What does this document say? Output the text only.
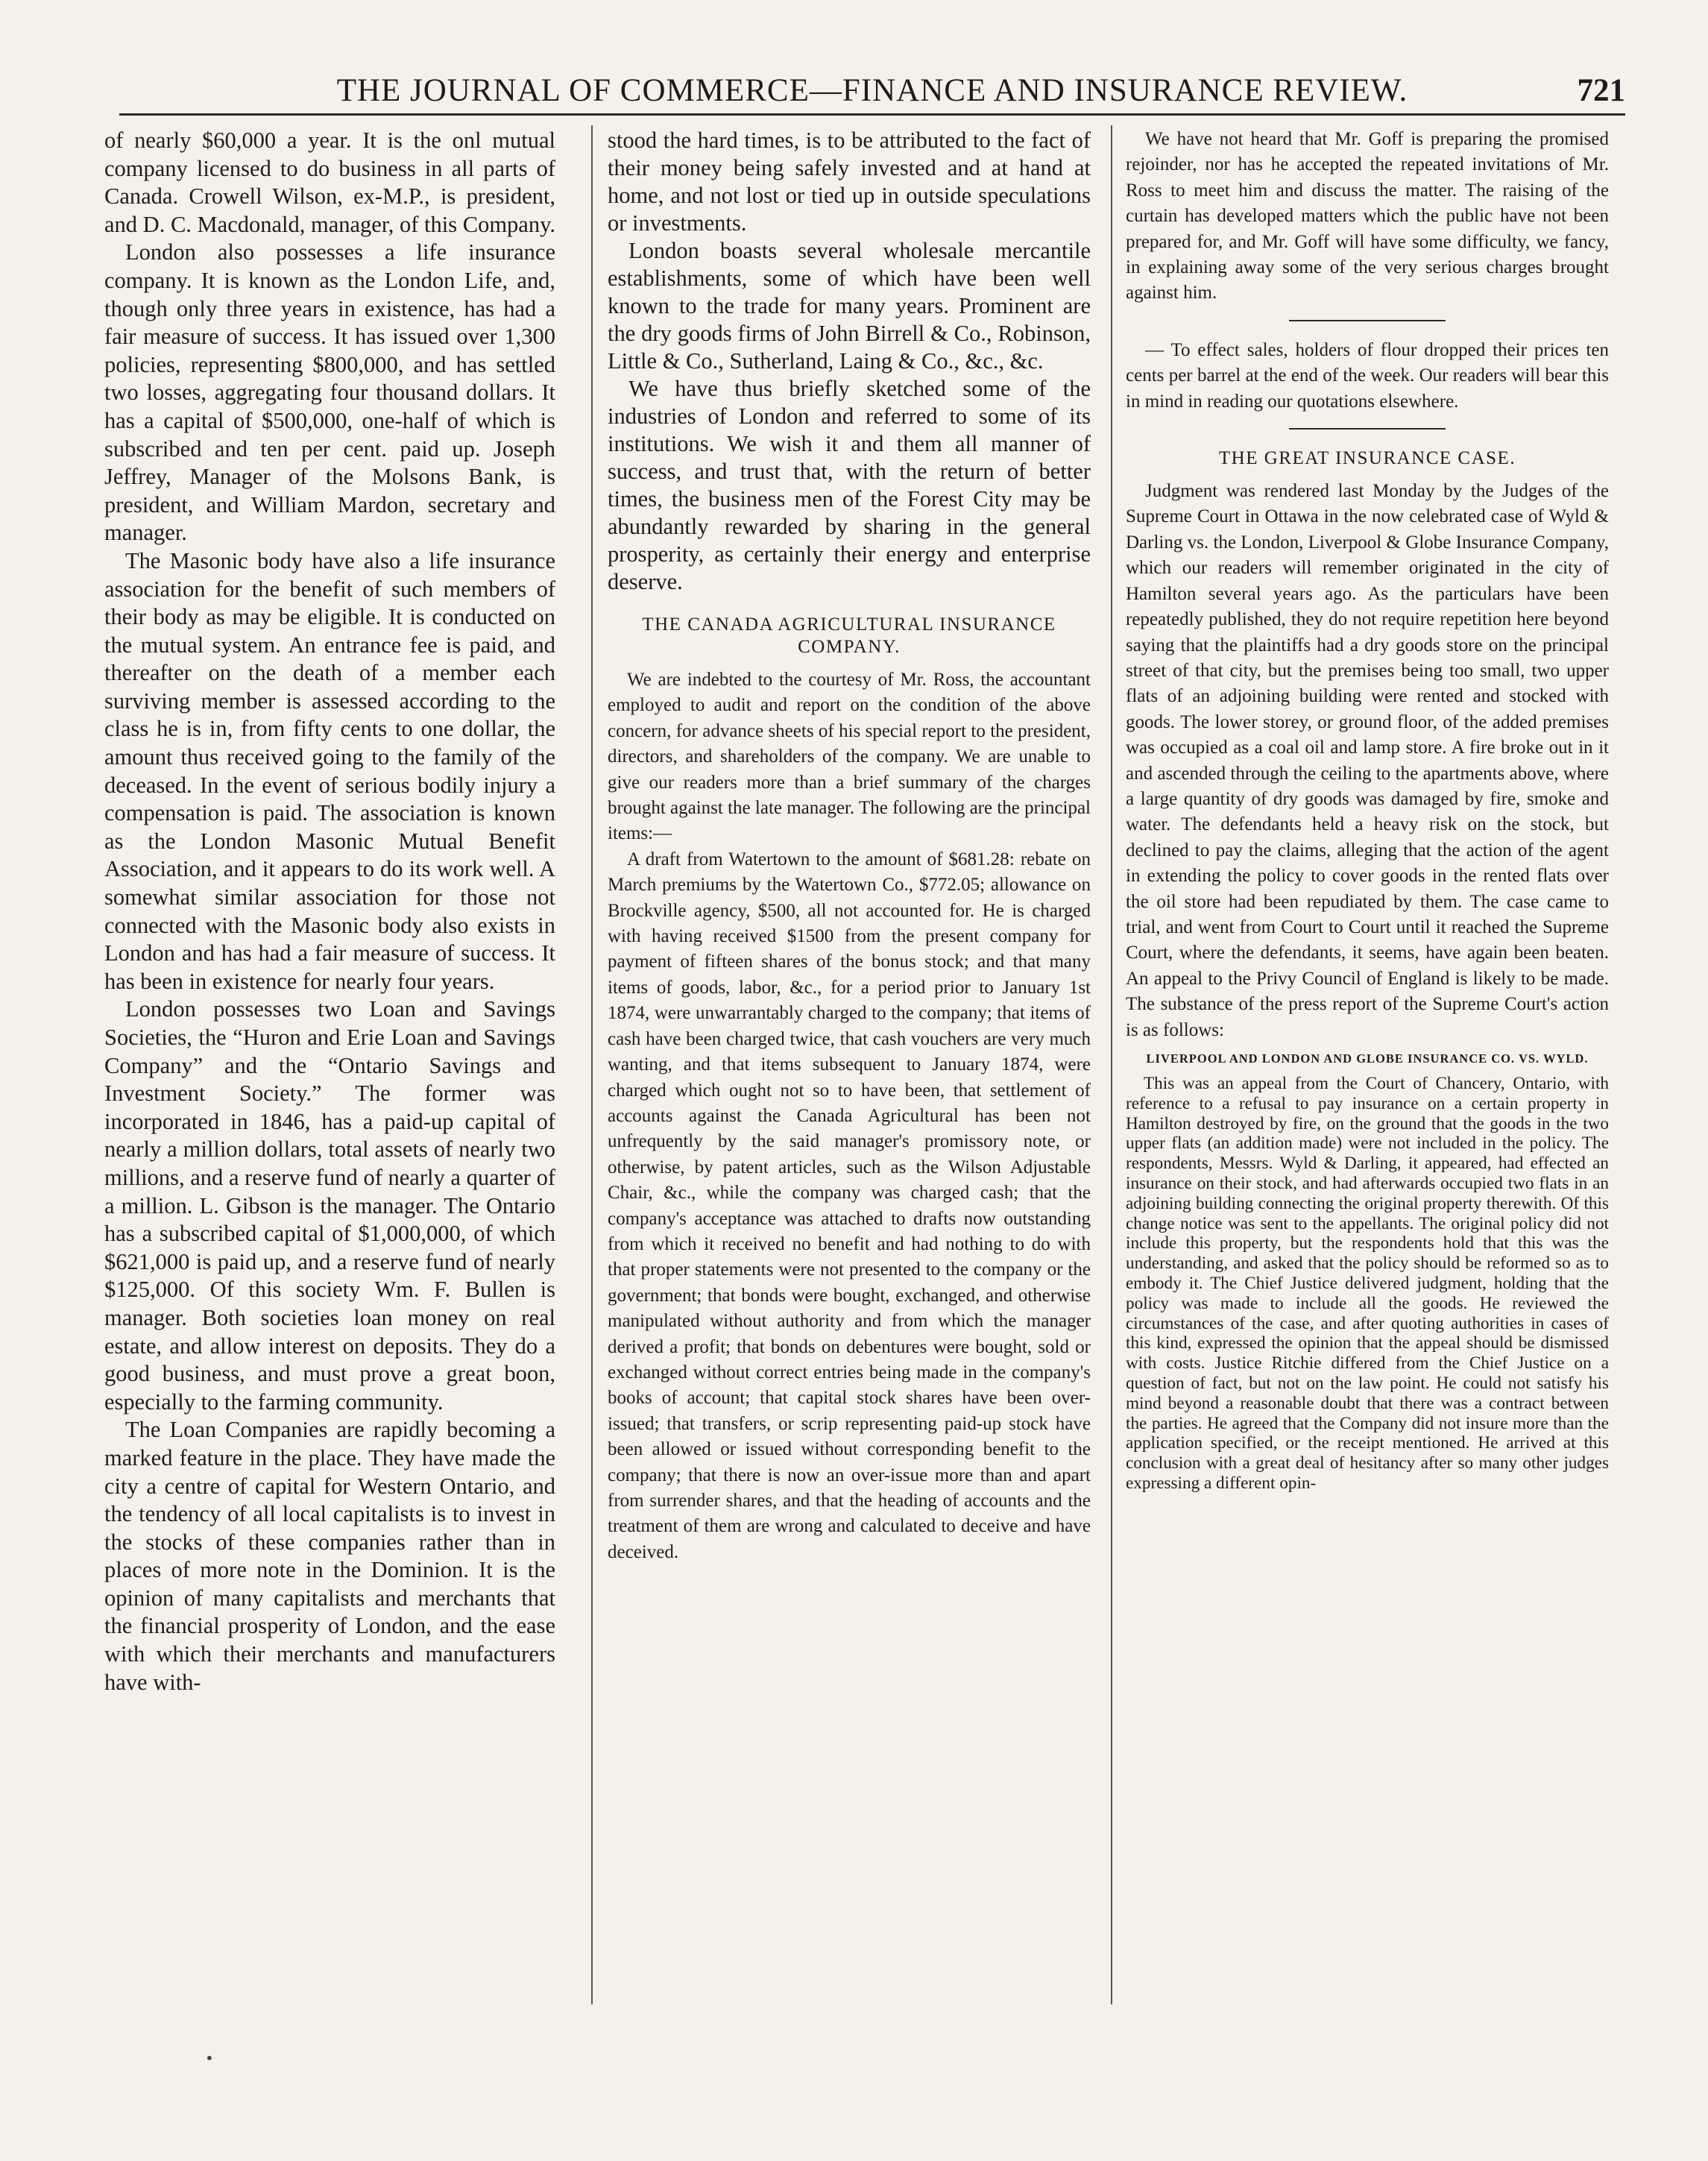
THE JOURNAL OF COMMERCE—FINANCE AND INSURANCE REVIEW.	721

of nearly $60,000 a year. It is the onl mutual company licensed to do business in all parts of Canada. Crowell Wilson, ex-M.P., is president, and D. C. Macdonald, manager, of this Company.

London also possesses a life insurance company. It is known as the London Life, and, though only three years in existence, has had a fair measure of success. It has issued over 1,300 policies, representing $800,000, and has settled two losses, aggregating four thousand dollars. It has a capital of $500,000, one-half of which is subscribed and ten per cent. paid up. Joseph Jeffrey, Manager of the Molsons Bank, is president, and William Mardon, secretary and manager.

The Masonic body have also a life insurance association for the benefit of such members of their body as may be eligible. It is conducted on the mutual system. An entrance fee is paid, and thereafter on the death of a member each surviving member is assessed according to the class he is in, from fifty cents to one dollar, the amount thus received going to the family of the deceased. In the event of serious bodily injury a compensation is paid. The association is known as the London Masonic Mutual Benefit Association, and it appears to do its work well. A somewhat similar association for those not connected with the Masonic body also exists in London and has had a fair measure of success. It has been in existence for nearly four years.

London possesses two Loan and Savings Societies, the “Huron and Erie Loan and Savings Company” and the “Ontario Savings and Investment Society.” The former was incorporated in 1846, has a paid-up capital of nearly a million dollars, total assets of nearly two millions, and a reserve fund of nearly a quarter of a million. L. Gibson is the manager. The Ontario has a subscribed capital of $1,000,000, of which $621,000 is paid up, and a reserve fund of nearly $125,000. Of this society Wm. F. Bullen is manager. Both societies loan money on real estate, and allow interest on deposits. They do a good business, and must prove a great boon, especially to the farming community.

The Loan Companies are rapidly becoming a marked feature in the place. They have made the city a centre of capital for Western Ontario, and the tendency of all local capitalists is to invest in the stocks of these companies rather than in places of more note in the Dominion. It is the opinion of many capitalists and merchants that the financial prosperity of London, and the ease with which their merchants and manufacturers have with-

stood the hard times, is to be attributed to the fact of their money being safely invested and at hand at home, and not lost or tied up in outside speculations or investments.

London boasts several wholesale mercantile establishments, some of which have been well known to the trade for many years. Prominent are the dry goods firms of John Birrell & Co., Robinson, Little & Co., Sutherland, Laing & Co., &c., &c.

We have thus briefly sketched some of the industries of London and referred to some of its institutions. We wish it and them all manner of success, and trust that, with the return of better times, the business men of the Forest City may be abundantly rewarded by sharing in the general prosperity, as certainly their energy and enterprise deserve.

THE CANADA AGRICULTURAL INSURANCE COMPANY.

We are indebted to the courtesy of Mr. Ross, the accountant employed to audit and report on the condition of the above concern, for advance sheets of his special report to the president, directors, and shareholders of the company. We are unable to give our readers more than a brief summary of the charges brought against the late manager. The following are the principal items:—

A draft from Watertown to the amount of $681.28: rebate on March premiums by the Watertown Co., $772.05; allowance on Brockville agency, $500, all not accounted for. He is charged with having received $1500 from the present company for payment of fifteen shares of the bonus stock; and that many items of goods, labor, &c., for a period prior to January 1st 1874, were unwarrantably charged to the company; that items of cash have been charged twice, that cash vouchers are very much wanting, and that items subsequent to January 1874, were charged which ought not so to have been, that settlement of accounts against the Canada Agricultural has been not unfrequently by the said manager's promissory note, or otherwise, by patent articles, such as the Wilson Adjustable Chair, &c., while the company was charged cash; that the company's acceptance was attached to drafts now outstanding from which it received no benefit and had nothing to do with that proper statements were not presented to the company or the government; that bonds were bought, exchanged, and otherwise manipulated without authority and from which the manager derived a profit; that bonds on debentures were bought, sold or exchanged without correct entries being made in the company's books of account; that capital stock shares have been over-issued; that transfers, or scrip representing paid-up stock have been allowed or issued without corresponding benefit to the company; that there is now an over-issue more than and apart from surrender shares, and that the heading of accounts and the treatment of them are wrong and calculated to deceive and have deceived.

We have not heard that Mr. Goff is preparing the promised rejoinder, nor has he accepted the repeated invitations of Mr. Ross to meet him and discuss the matter. The raising of the curtain has developed matters which the public have not been prepared for, and Mr. Goff will have some difficulty, we fancy, in explaining away some of the very serious charges brought against him.

— To effect sales, holders of flour dropped their prices ten cents per barrel at the end of the week. Our readers will bear this in mind in reading our quotations elsewhere.

THE GREAT INSURANCE CASE.

Judgment was rendered last Monday by the Judges of the Supreme Court in Ottawa in the now celebrated case of Wyld & Darling vs. the London, Liverpool & Globe Insurance Company, which our readers will remember originated in the city of Hamilton several years ago. As the particulars have been repeatedly published, they do not require repetition here beyond saying that the plaintiffs had a dry goods store on the principal street of that city, but the premises being too small, two upper flats of an adjoining building were rented and stocked with goods. The lower storey, or ground floor, of the added premises was occupied as a coal oil and lamp store. A fire broke out in it and ascended through the ceiling to the apartments above, where a large quantity of dry goods was damaged by fire, smoke and water. The defendants held a heavy risk on the stock, but declined to pay the claims, alleging that the action of the agent in extending the policy to cover goods in the rented flats over the oil store had been repudiated by them. The case came to trial, and went from Court to Court until it reached the Supreme Court, where the defendants, it seems, have again been beaten. An appeal to the Privy Council of England is likely to be made. The substance of the press report of the Supreme Court's action is as follows:

LIVERPOOL AND LONDON AND GLOBE INSURANCE CO. VS. WYLD.

This was an appeal from the Court of Chancery, Ontario, with reference to a refusal to pay insurance on a certain property in Hamilton destroyed by fire, on the ground that the goods in the two upper flats (an addition made) were not included in the policy. The respondents, Messrs. Wyld & Darling, it appeared, had effected an insurance on their stock, and had afterwards occupied two flats in an adjoining building connecting the original property therewith. Of this change notice was sent to the appellants. The original policy did not include this property, but the respondents hold that this was the understanding, and asked that the policy should be reformed so as to embody it. The Chief Justice delivered judgment, holding that the policy was made to include all the goods. He reviewed the circumstances of the case, and after quoting authorities in cases of this kind, expressed the opinion that the appeal should be dismissed with costs. Justice Ritchie differed from the Chief Justice on a question of fact, but not on the law point. He could not satisfy his mind beyond a reasonable doubt that there was a contract between the parties. He agreed that the Company did not insure more than the application specified, or the receipt mentioned. He arrived at this conclusion with a great deal of hesitancy after so many other judges expressing a different opin-

•
